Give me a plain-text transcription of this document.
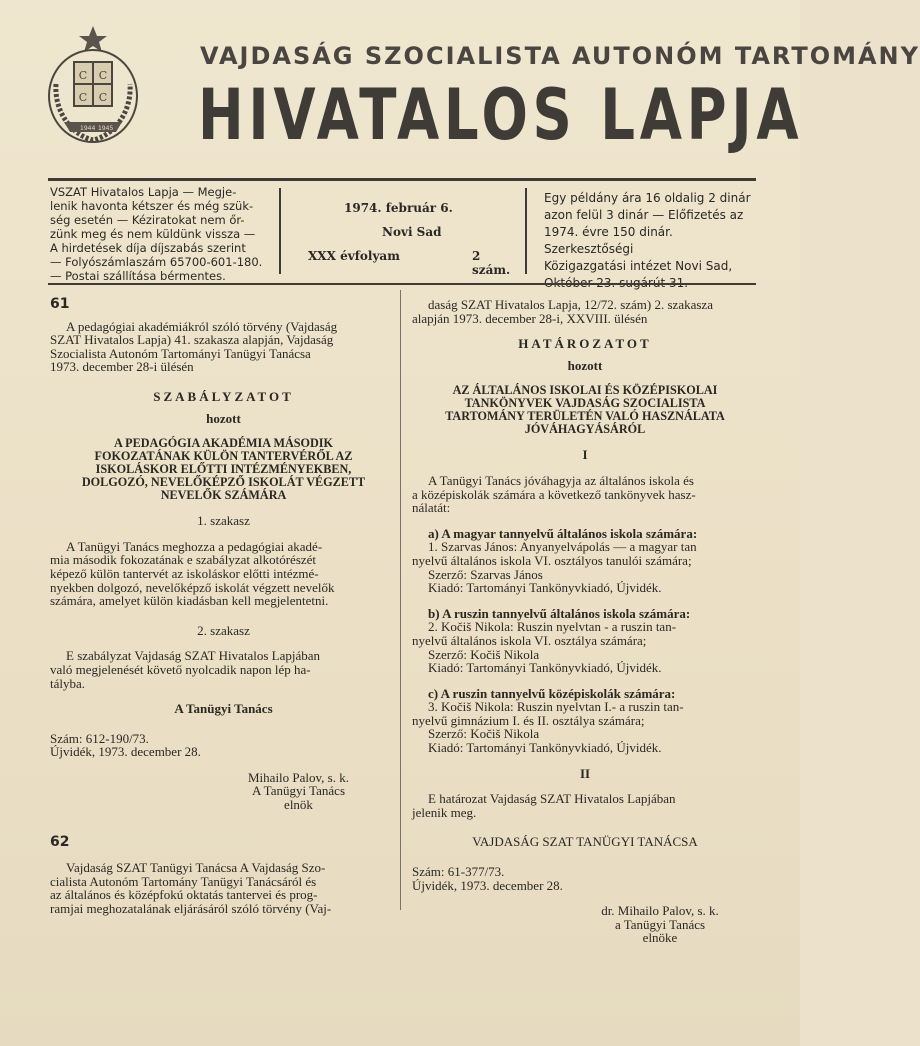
C C
C C
1944 1945
VAJDASÁG SZOCIALISTA AUTONÓM TARTOMÁNY
HIVATALOS LAPJA
VSZAT Hivatalos Lapja — Megje-
lenik havonta kétszer és még szük-
ség esetén — Kéziratokat nem őr-
zünk meg és nem küldünk vissza —
A hirdetések díja díjszabás szerint
— Folyószámlaszám 65700-601-180.
— Postai szállítása bérmentes.
1974. február 6.
Novi Sad
XXX évfolyam	2 szám.
Egy példány ára 16 oldalig 2 dinár
azon felül 3 dinár — Előfizetés az
1974. évre 150 dinár. Szerkesztőségi
Közigazgatási intézet Novi Sad,

61

A pedagógiai akadémiákról szóló törvény (Vajdaság

SZAT Hivatalos Lapja) 41. szakasza alapján, Vajdaság

Szocialista Autonóm Tartományi Tanügyi Tanácsa

1973. december 28-i ülésén

SZABÁLYZATOT

hozott

A PEDAGÓGIA AKADÉMIA MÁSODIK
FOKOZATÁNAK KÜLÖN TANTERVÉRŐL AZ
ISKOLÁSKOR ELŐTTI INTÉZMÉNYEKBEN,
DOLGOZÓ, NEVELŐKÉPZŐ ISKOLÁT VÉGZETT
NEVELŐK SZÁMÁRA

1. szakasz

A Tanügyi Tanács meghozza a pedagógiai akadé-

mia második fokozatának e szabályzat alkotórészét

képező külön tantervét az iskoláskor előtti intézmé-

nyekben dolgozó, nevelőképző iskolát végzett nevelők

számára, amelyet külön kiadásban kell megjelentetni.

2. szakasz

E szabályzat Vajdaság SZAT Hivatalos Lapjában

való megjelenését követő nyolcadik napon lép ha-

tályba.

A Tanügyi Tanács

Szám: 612-190/73.

Újvidék, 1973. december 28.

Mihailo Palov, s. k.
A Tanügyi Tanács
elnök

62

Vajdaság SZAT Tanügyi Tanácsa A Vajdaság Szo-

cialista Autonóm Tartomány Tanügyi Tanácsáról és

az általános és középfokú oktatás tantervei és prog-

ramjai meghozatalának eljárásáról szóló törvény (Vaj-

daság SZAT Hivatalos Lapja, 12/72. szám) 2. szakasza

alapján 1973. december 28-i, XXVIII. ülésén

HATÁROZATOT

hozott

AZ ÁLTALÁNOS ISKOLAI ÉS KÖZÉPISKOLAI
TANKÖNYVEK VAJDASÁG SZOCIALISTA
TARTOMÁNY TERÜLETÉN VALÓ HASZNÁLATA
JÓVÁHAGYÁSÁRÓL

I

A Tanügyi Tanács jóváhagyja az általános iskola és

a középiskolák számára a következő tankönyvek hasz-

nálatát:

a) A magyar tannyelvű általános iskola számára:

1. Szarvas János: Anyanyelvápolás — a magyar tan

nyelvű általános iskola VI. osztályos tanulói számára;

Szerző: Szarvas János

Kiadó: Tartományi Tankönyvkiadó, Újvidék.

b) A ruszin tannyelvű általános iskola számára:

2. Kočiš Nikola: Ruszin nyelvtan - a ruszin tan-

nyelvű általános iskola VI. osztálya számára;

Szerző: Kočiš Nikola

Kiadó: Tartományi Tankönyvkiadó, Újvidék.

c) A ruszin tannyelvű középiskolák számára:

3. Kočiš Nikola: Ruszin nyelvtan I.- a ruszin tan-

nyelvű gimnázium I. és II. osztálya számára;

Szerző: Kočiš Nikola

Kiadó: Tartományi Tankönyvkiadó, Újvidék.

II

E határozat Vajdaság SZAT Hivatalos Lapjában

jelenik meg.

VAJDASÁG SZAT TANÜGYI TANÁCSA

Szám: 61-377/73.

Újvidék, 1973. december 28.

dr. Mihailo Palov, s. k.
a Tanügyi Tanács
elnöke
